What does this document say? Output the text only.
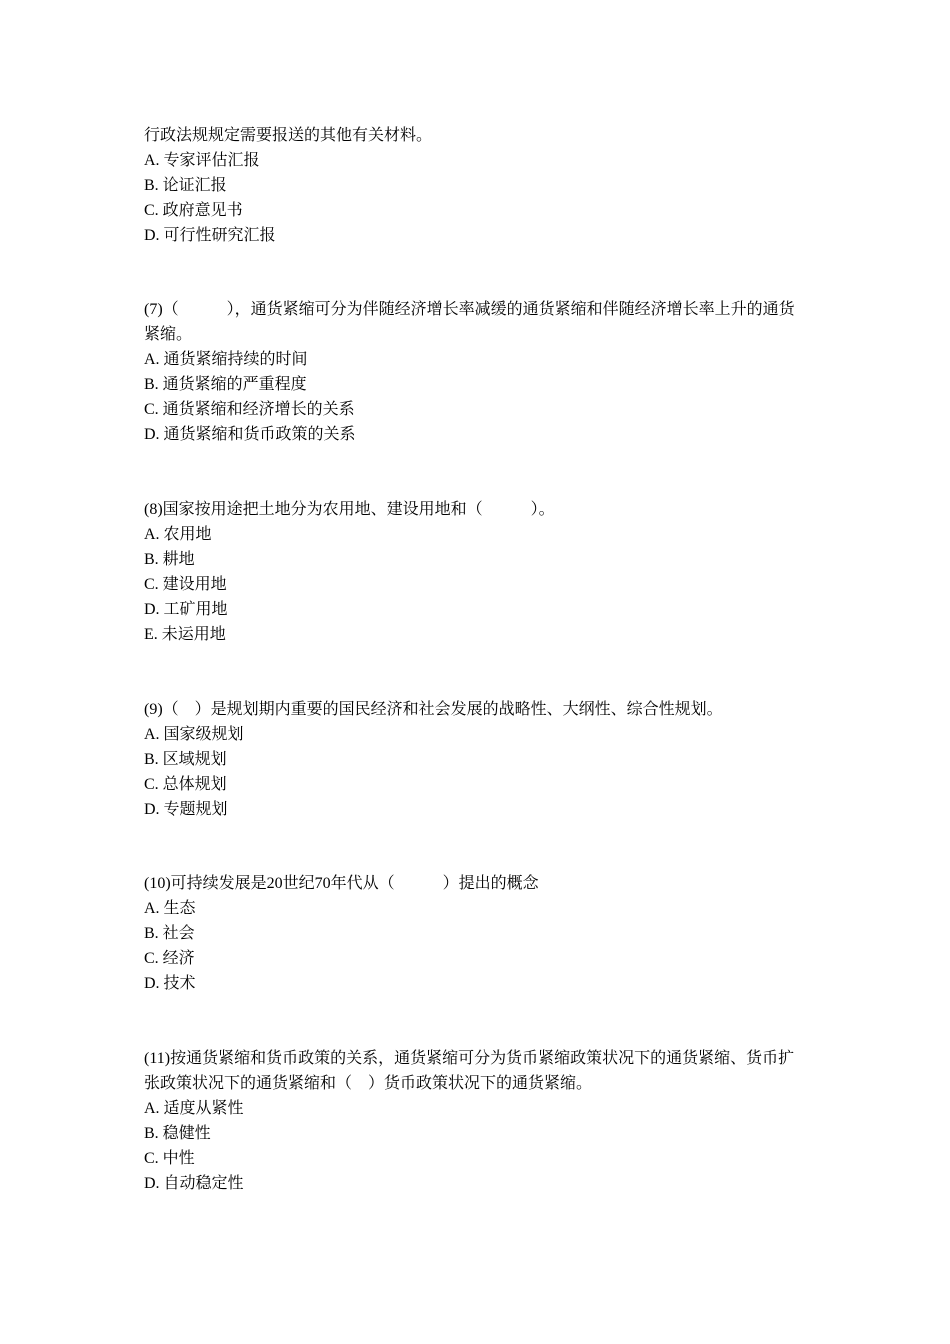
行政法规规定需要报送的其他有关材料。

A. 专家评估汇报

B. 论证汇报

C. 政府意见书

D. 可行性研究汇报

(7)（　　　），通货紧缩可分为伴随经济增长率减缓的通货紧缩和伴随经济增长率上升的通货紧缩。

A. 通货紧缩持续的时间

B. 通货紧缩的严重程度

C. 通货紧缩和经济增长的关系

D. 通货紧缩和货币政策的关系

(8)国家按用途把土地分为农用地、建设用地和（　　　）。

A. 农用地

B. 耕地

C. 建设用地

D. 工矿用地

E. 未运用地

(9)（　）是规划期内重要的国民经济和社会发展的战略性、大纲性、综合性规划。

A. 国家级规划

B. 区域规划

C. 总体规划

D. 专题规划

(10)可持续发展是20世纪70年代从（　　　）提出的概念

A. 生态

B. 社会

C. 经济

D. 技术

(11)按通货紧缩和货币政策的关系，通货紧缩可分为货币紧缩政策状况下的通货紧缩、货币扩张政策状况下的通货紧缩和（　）货币政策状况下的通货紧缩。

A. 适度从紧性

B. 稳健性

C. 中性

D. 自动稳定性
